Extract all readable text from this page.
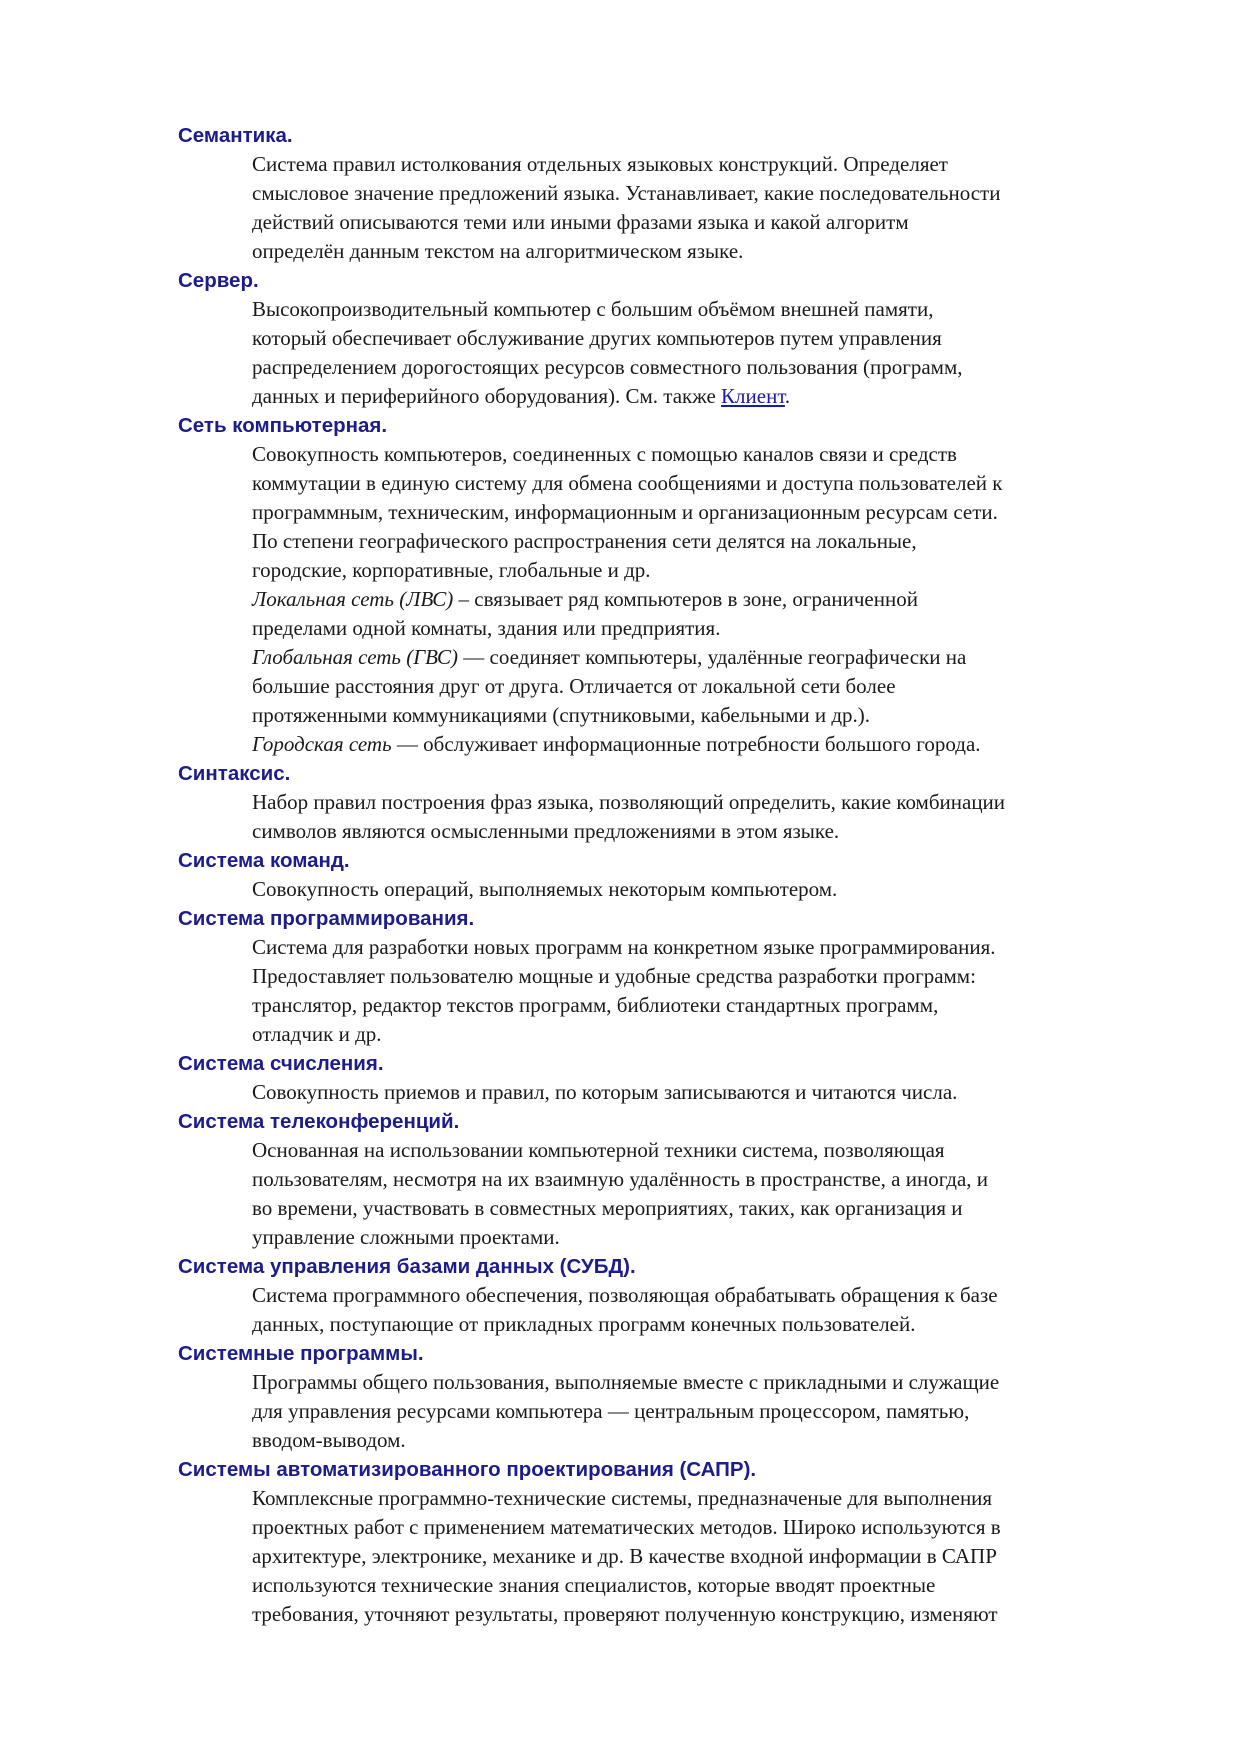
Семантика.
Система правил истолкования отдельных языковых конструкций. Определяет
смысловое значение предложений языка. Устанавливает, какие последовательности
действий описываются теми или иными фразами языка и какой алгоритм
определён данным текстом на алгоритмическом языке.
Сервер.
Высокопроизводительный компьютер с большим объёмом внешней памяти,
который обеспечивает обслуживание других компьютеров путем управления
распределением дорогостоящих ресурсов совместного пользования (программ,
данных и периферийного оборудования). См. также Клиент.
Сеть компьютерная.
Совокупность компьютеров, соединенных с помощью каналов связи и средств
коммутации в единую систему для обмена сообщениями и доступа пользователей к
программным, техническим, информационным и организационным ресурсам сети.
По степени географического распространения сети делятся на локальные,
городские, корпоративные, глобальные и др.
Локальная сеть (ЛВС) – связывает ряд компьютеров в зоне, ограниченной
пределами одной комнаты, здания или предприятия.
Глобальная сеть (ГВС) — соединяет компьютеры, удалённые географически на
большие расстояния друг от друга. Отличается от локальной сети более
протяженными коммуникациями (спутниковыми, кабельными и др.).
Городская сеть — обслуживает информационные потребности большого города.
Синтаксис.
Набор правил построения фраз языка, позволяющий определить, какие комбинации
символов являются осмысленными предложениями в этом языке.
Система команд.
Совокупность операций, выполняемых некоторым компьютером.
Система программирования.
Система для разработки новых программ на конкретном языке программирования.
Предоставляет пользователю мощные и удобные средства разработки программ:
транслятор, редактор текстов программ, библиотеки стандартных программ,
отладчик и др.
Система счисления.
Совокупность приемов и правил, по которым записываются и читаются числа.
Система телеконференций.
Основанная на использовании компьютерной техники система, позволяющая
пользователям, несмотря на их взаимную удалённость в пространстве, а иногда, и
во времени, участвовать в совместных мероприятиях, таких, как организация и
управление сложными проектами.
Система управления базами данных (СУБД).
Система программного обеспечения, позволяющая обрабатывать обращения к базе
данных, поступающие от прикладных программ конечных пользователей.
Системные программы.
Программы общего пользования, выполняемые вместе с прикладными и служащие
для управления ресурсами компьютера — центральным процессором, памятью,
вводом-выводом.
Системы автоматизированного проектирования (САПР).
Комплексные программно-технические системы, предназначеные для выполнения
проектных работ с применением математических методов. Широко используются в
архитектуре, электронике, механике и др. В качестве входной информации в САПР
используются технические знания специалистов, которые вводят проектные
требования, уточняют результаты, проверяют полученную конструкцию, изменяют
